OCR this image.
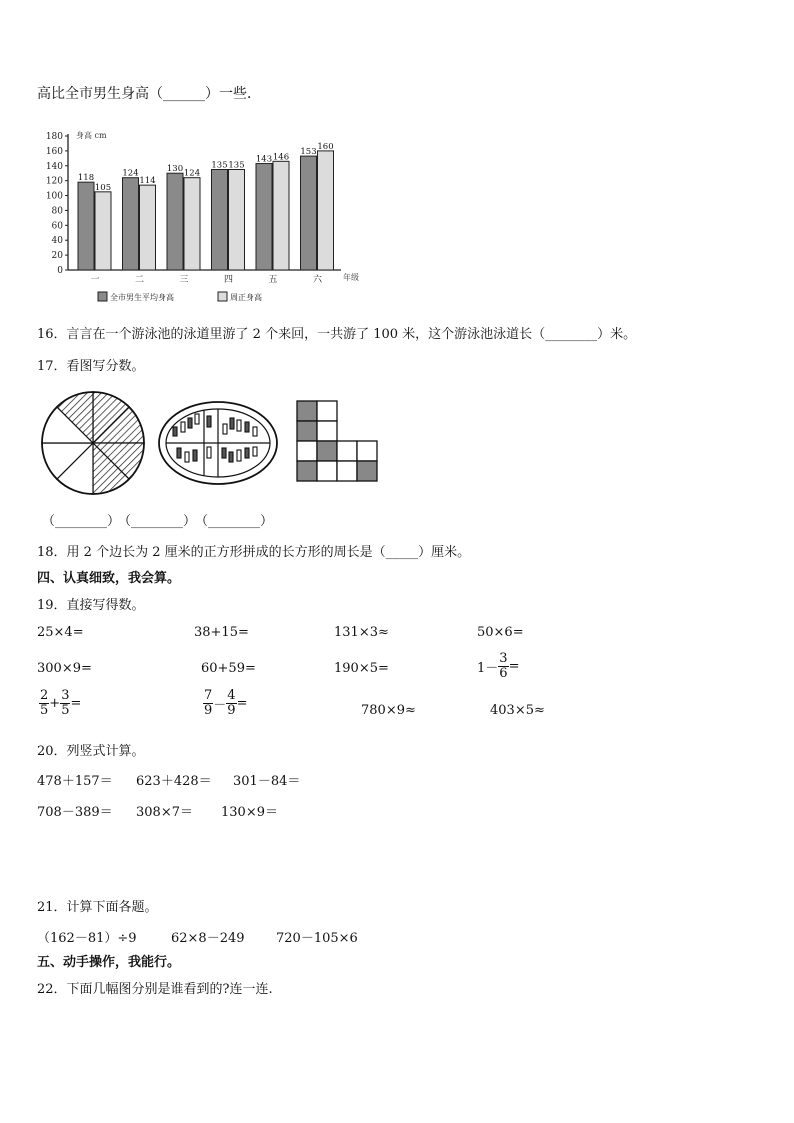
高比全市男生身高（______）一些．
0
20
40
60
80
100
120
140
160
180 身高 cm
118
105
一
124
114
二
130 124
三
135 135
四
143 146
五
153
160
六	年级
全市男生平均身高	周正身高
16．言言在一个游泳池的泳道里游了 2 个来回，一共游了 100 米，这个游泳池泳道长（________）米。
17．看图写分数。
（________）
（________）
（________）
18．用 2 个边长为 2 厘米的正方形拼成的长方形的周长是（_____）厘米。
四、认真细致，我会算。
19．直接写得数。
25×4=	38+15=	131×3≈	50×6=
300×9=	60+59=	190×5=	$1- \frac{3}{6}$ =
$\frac{2}{5} + \frac{3}{5}$ =	$\frac{7}{9} - \frac{4}{9}$ =	780×9≈	403×5≈
20．列竖式计算。
478＋157＝ 623＋428＝ 301－84＝
708－389＝ 308×7＝ 130×9＝
21．计算下面各题。
（162－81）÷9	62×8－249 720－105×6
五、动手操作，我能行。
22．下面几幅图分别是谁看到的?连一连.
